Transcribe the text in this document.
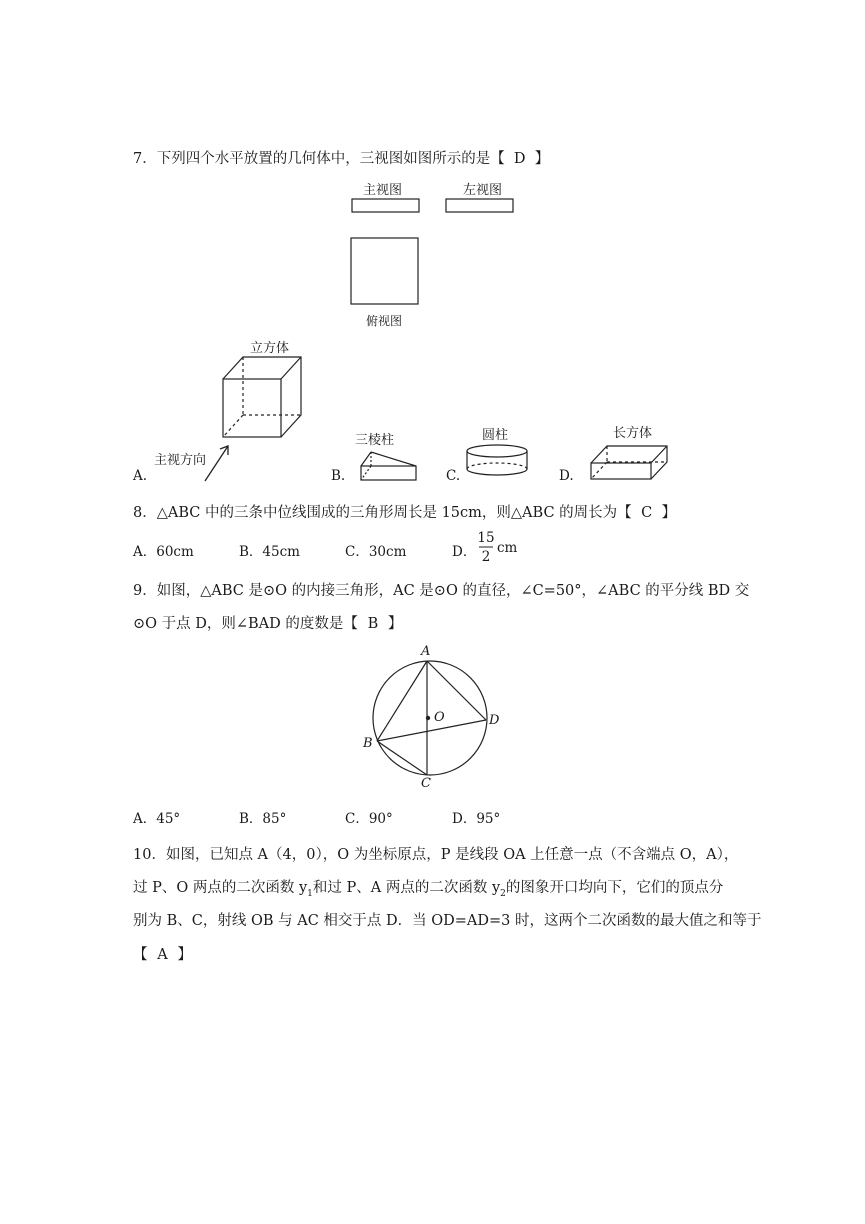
7．下列四个水平放置的几何体中，三视图如图所示的是【 D 】
主视图	左视图
俯视图
立方体
主视方向
三棱柱	圆柱	长方体
A.	B.	C.	D.
8．△ABC 中的三条中位线围成的三角形周长是 15cm，则△ABC 的周长为【 C 】
A．60cm	B．45cm	C．30cm	D．
15
2
cm
9．如图，△ABC 是⊙O 的内接三角形，AC 是⊙O 的直径，∠C=50°，∠ABC 的平分线 BD 交
⊙O 于点 D，则∠BAD 的度数是【 B 】
A
B
C
D
O
A．45°	B．85°	C．90°	D．95°
10．如图，已知点 A（4，0），O 为坐标原点，P 是线段 OA 上任意一点（不含端点 O，A），
过 P、O 两点的二次函数 $y_1$和过 P、A 两点的二次函数 $y_2$的图象开口均向下，它们的顶点分
别为 B、C，射线 OB 与 AC 相交于点 D．当 OD=AD=3 时，这两个二次函数的最大值之和等于
【 A 】
